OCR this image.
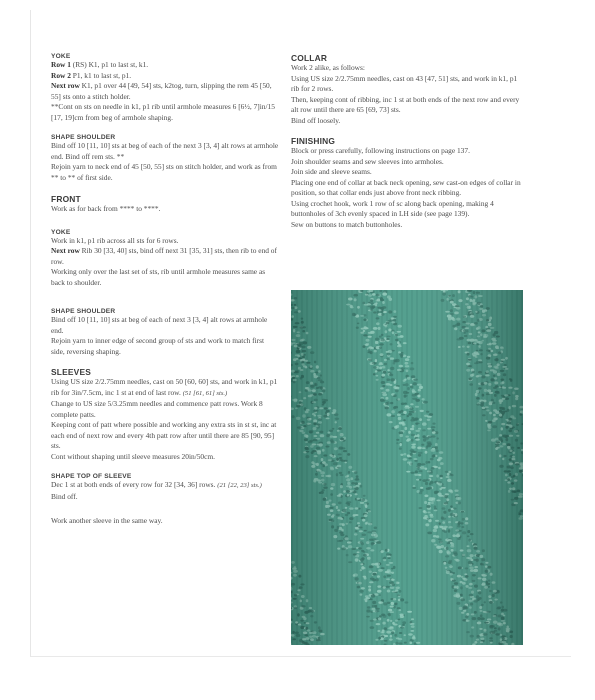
YOKE

Row 1 (RS) K1, p1 to last st, k1.

Row 2 P1, k1 to last st, p1.

Next row K1, p1 over 44 [49, 54] sts, k2tog, turn, slipping the rem 45 [50, 55] sts onto a stitch holder.

**Cont on sts on needle in k1, p1 rib until armhole measures 6 [6½, 7]in/15 [17, 19]cm from beg of armhole shaping.

SHAPE SHOULDER

Bind off 10 [11, 10] sts at beg of each of the next 3 [3, 4] alt rows at armhole end. Bind off rem sts. **

Rejoin yarn to neck end of 45 [50, 55] sts on stitch holder, and work as from ** to ** of first side.

FRONT

Work as for back from **** to ****.

YOKE

Work in k1, p1 rib across all sts for 6 rows.

Next row Rib 30 [33, 40] sts, bind off next 31 [35, 31] sts, then rib to end of row.

Working only over the last set of sts, rib until armhole measures same as back to shoulder.

SHAPE SHOULDER

Bind off 10 [11, 10] sts at beg of each of next 3 [3, 4] alt rows at armhole end.

Rejoin yarn to inner edge of second group of sts and work to match first side, reversing shaping.

SLEEVES

Using US size 2/2.75mm needles, cast on 50 [60, 60] sts, and work in k1, p1 rib for 3in/7.5cm, inc 1 st at end of last row. (51 [61, 61] sts.)

Change to US size 5/3.25mm needles and commence patt rows. Work 8 complete patts.

Keeping cont of patt where possible and working any extra sts in st st, inc at each end of next row and every 4th patt row after until there are 85 [90, 95] sts.

Cont without shaping until sleeve measures 20in/50cm.

SHAPE TOP OF SLEEVE

Dec 1 st at both ends of every row for 32 [34, 36] rows. (21 [22, 23] sts.)

Bind off.

Work another sleeve in the same way.

COLLAR

Work 2 alike, as follows:

Using US size 2/2.75mm needles, cast on 43 [47, 51] sts, and work in k1, p1 rib for 2 rows.

Then, keeping cont of ribbing, inc 1 st at both ends of the next row and every alt row until there are 65 [69, 73] sts.

Bind off loosely.

FINISHING

Block or press carefully, following instructions on page 137.

Join shoulder seams and sew sleeves into armholes.

Join side and sleeve seams.

Placing one end of collar at back neck opening, sew cast-on edges of collar in position, so that collar ends just above front neck ribbing.

Using crochet hook, work 1 row of sc along back opening, making 4 buttonholes of 3ch evenly spaced in LH side (see page 139).

Sew on buttons to match buttonholes.
